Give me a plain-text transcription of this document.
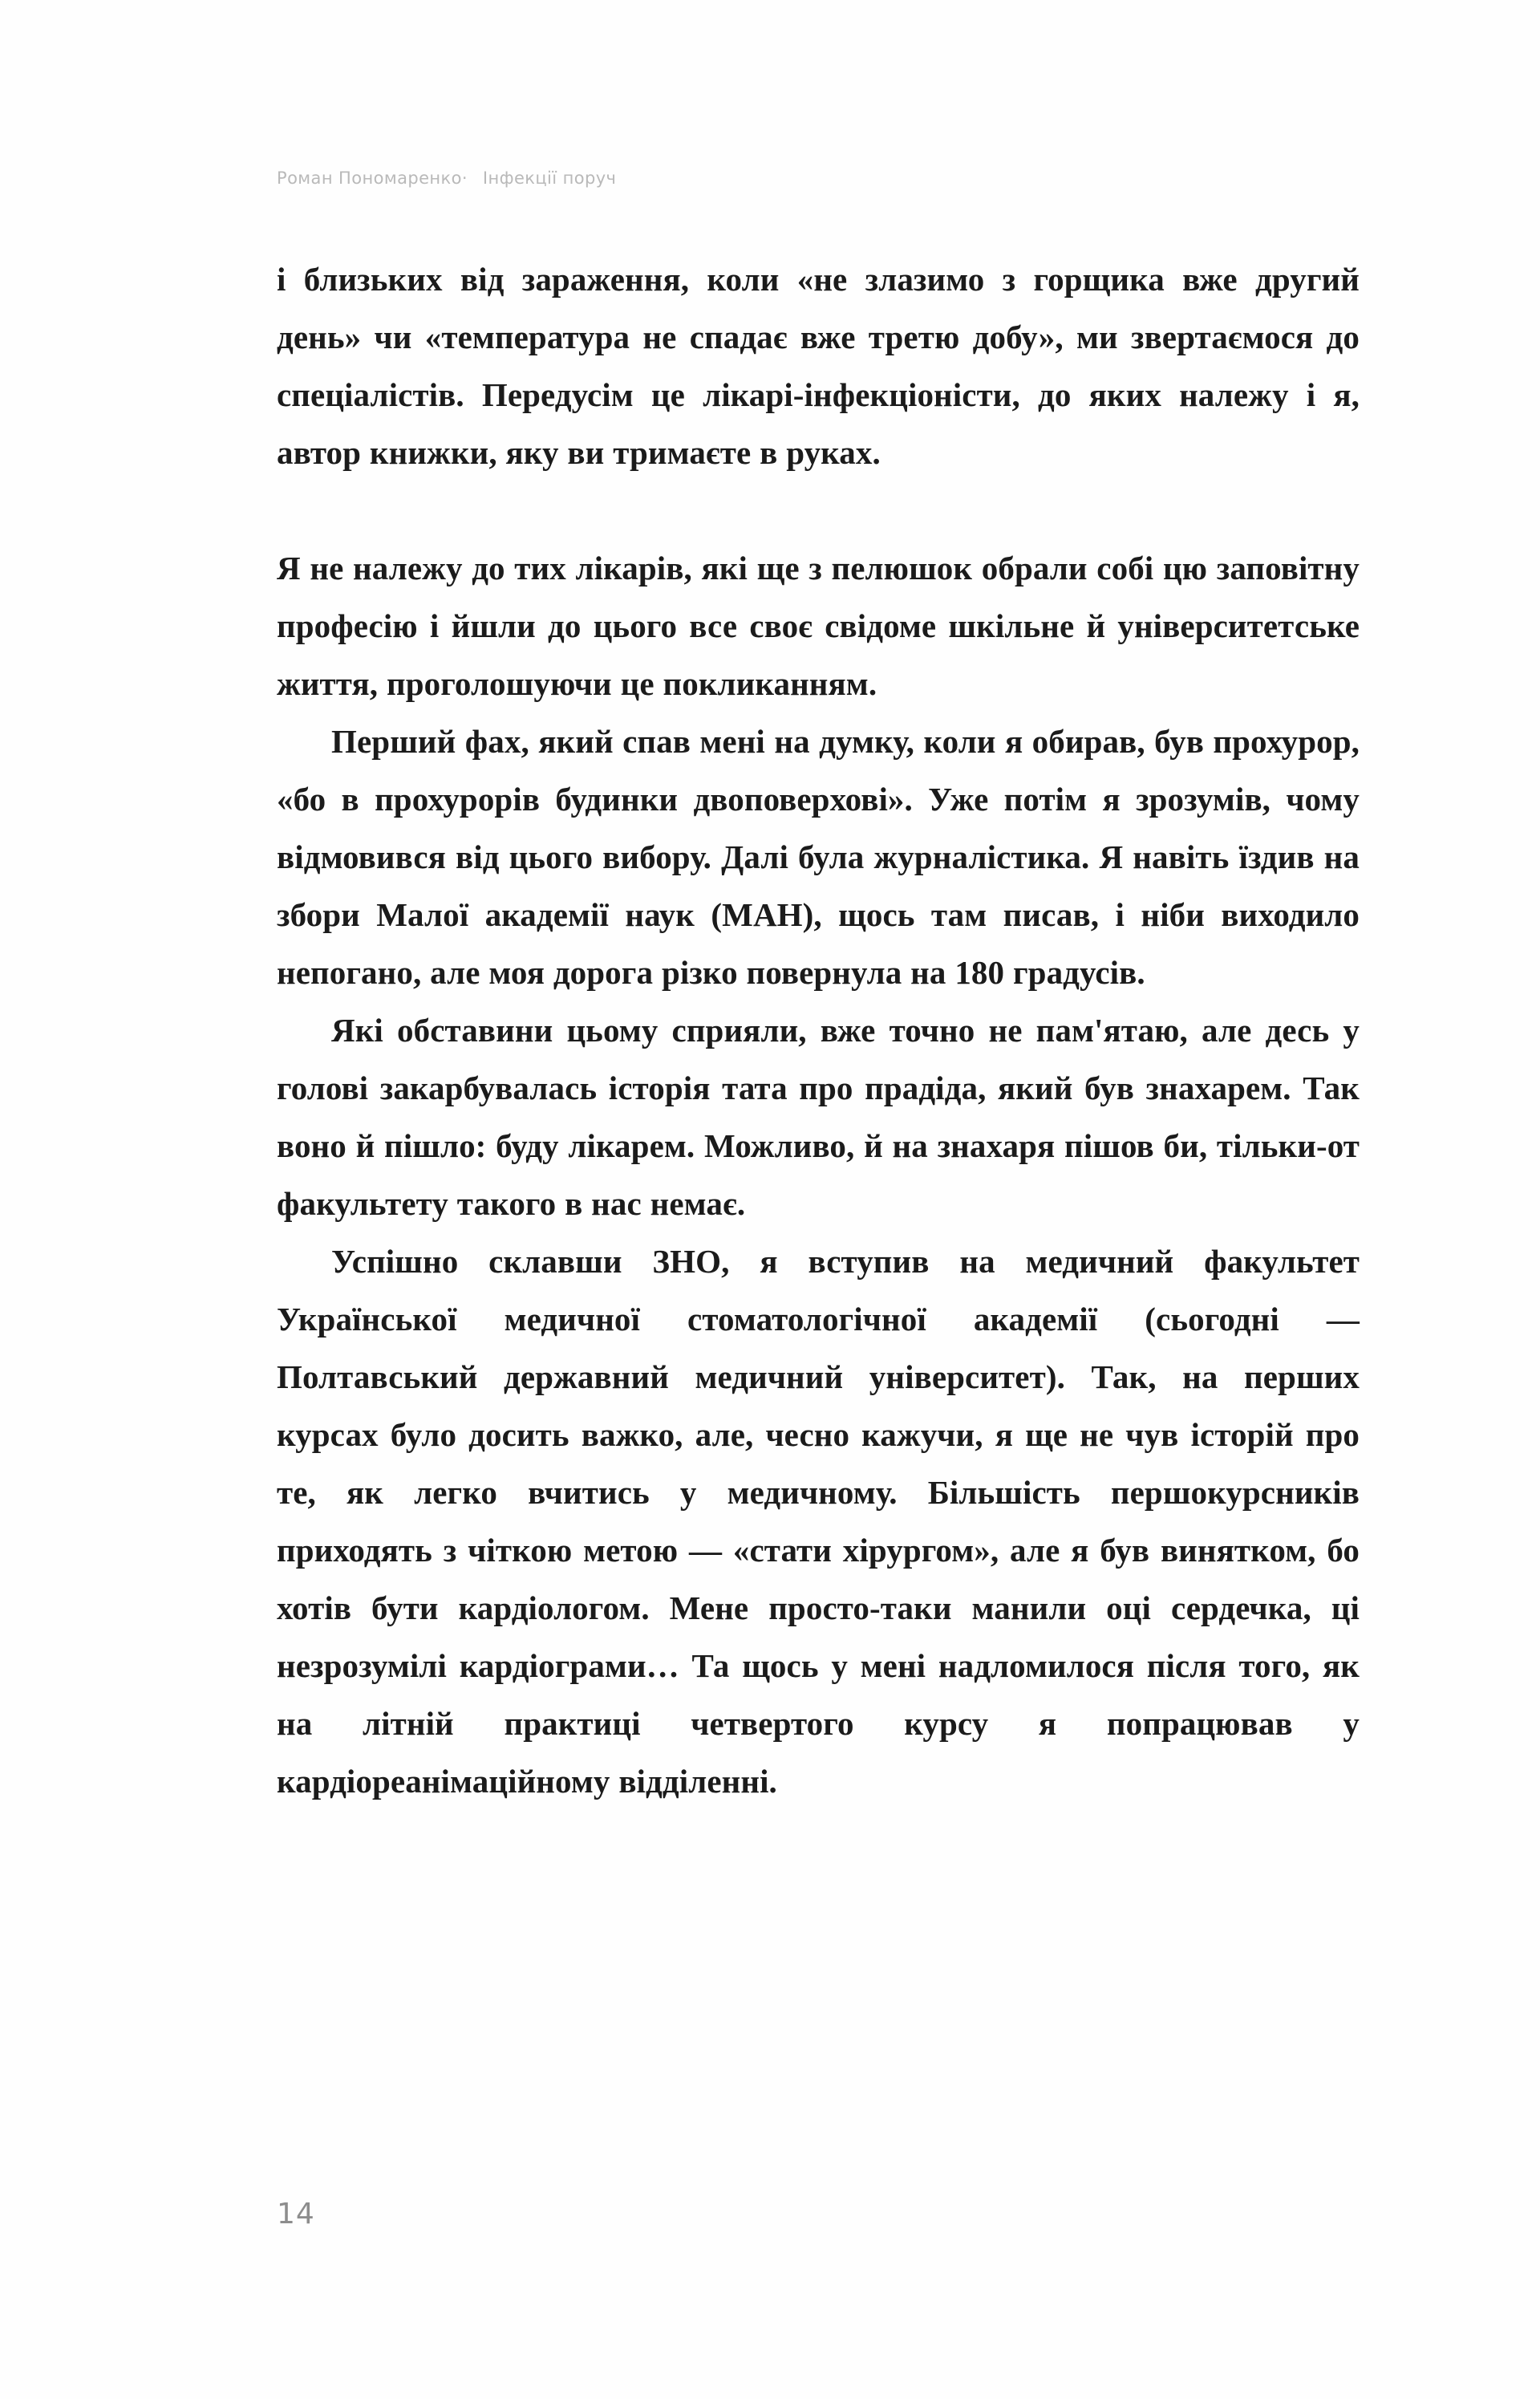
Роман Пономаренко· Інфекції поруч

і близьких від зараження, коли «не злазимо з горщика вже другий день» чи «температура не спадає вже третю добу», ми звертаємося до спеціалістів. Передусім це лікарі-інфекціоністи, до яких належу і я, автор книжки, яку ви тримаєте в руках.

Я не належу до тих лікарів, які ще з пелюшок обрали собі цю заповітну професію і йшли до цього все своє свідоме шкільне й університетське життя, проголошуючи це покликанням.

Перший фах, який спав мені на думку, коли я обирав, був прохурор, «бо в прохурорів будинки двоповерхові». Уже потім я зрозумів, чому відмовився від цього вибору. Далі була журналістика. Я навіть їздив на збори Малої академії наук (МАН), щось там писав, і ніби виходило непогано, але моя дорога різко повернула на 180 градусів.

Які обставини цьому сприяли, вже точно не пам'ятаю, але десь у голові закарбувалась історія тата про прадіда, який був знахарем. Так воно й пішло: буду лікарем. Можливо, й на знахаря пішов би, тільки-от факультету такого в нас немає.

Успішно склавши ЗНО, я вступив на медичний факультет Української медичної стоматологічної академії (сьогодні — Полтавський державний медичний університет). Так, на перших курсах було досить важко, але, чесно кажучи, я ще не чув історій про те, як легко вчитись у медичному. Більшість першокурсників приходять з чіткою метою — «стати хірургом», але я був винятком, бо хотів бути кардіологом. Мене просто-таки манили оці сердечка, ці незрозумілі кардіограми… Та щось у мені надломилося після того, як на літній практиці четвертого курсу я попрацював у кардіореанімаційному відділенні.

14
